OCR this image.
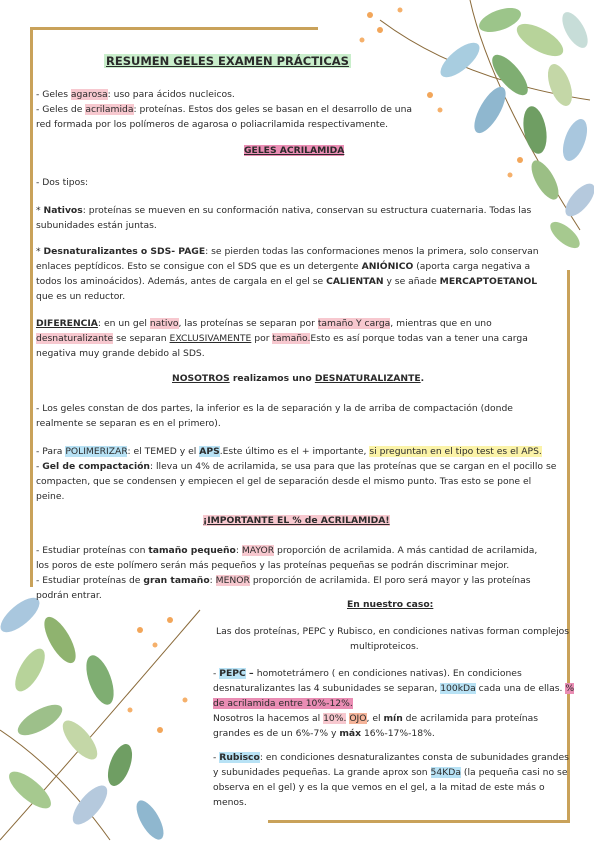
RESUMEN GELES EXAMEN PRÁCTICAS
- Geles agarosa: uso para ácidos nucleicos.
- Geles de acrilamida: proteínas. Estos dos geles se basan en el desarrollo de una
red formada por los polímeros de agarosa o poliacrilamida respectivamente.
GELES ACRILAMIDA
- Dos tipos:
* Nativos: proteínas se mueven en su conformación nativa, conservan su estructura cuaternaria. Todas las
subunidades están juntas.
* Desnaturalizantes o SDS- PAGE: se pierden todas las conformaciones menos la primera, solo conservan
enlaces peptídicos. Esto se consigue con el SDS que es un detergente ANIÓNICO (aporta carga negativa a
todos los aminoácidos). Además, antes de cargala en el gel se CALIENTAN y se añade MERCAPTOETANOL
que es un reductor.
DIFERENCIA: en un gel nativo, las proteínas se separan por tamaño Y carga, mientras que en uno
desnaturalizante se separan EXCLUSIVAMENTE por tamaño.Esto es así porque todas van a tener una carga
negativa muy grande debido al SDS.
NOSOTROS realizamos uno DESNATURALIZANTE.
- Los geles constan de dos partes, la inferior es la de separación y la de arriba de compactación (donde
realmente se separan es en el primero).
- Para POLIMERIZAR: el TEMED y el APS.Este último es el + importante, si preguntan en el tipo test es el APS.
- Gel de compactación: lleva un 4% de acrilamida, se usa para que las proteínas que se cargan en el pocillo se
compacten, que se condensen y empiecen el gel de separación desde el mismo punto. Tras esto se pone el
peine.
¡IMPORTANTE EL % de ACRILAMIDA!
- Estudiar proteínas con tamaño pequeño: MAYOR proporción de acrilamida. A más cantidad de acrilamida,
los poros de este polímero serán más pequeños y las proteínas pequeñas se podrán discriminar mejor.
- Estudiar proteínas de gran tamaño: MENOR proporción de acrilamida. El poro será mayor y las proteínas
podrán entrar.
En nuestro caso:
Las dos proteínas, PEPC y Rubisco, en condiciones nativas forman complejos
multiproteicos.
- PEPC – homotetrámero ( en condiciones nativas). En condiciones
desnaturalizantes las 4 subunidades se separan, 100kDa cada una de ellas. %
de acrilamida entre 10%-12%.
Nosotros la hacemos al 10%. OJO, el mín de acrilamida para proteínas
grandes es de un 6%-7% y máx 16%-17%-18%.
- Rubisco: en condiciones desnaturalizantes consta de subunidades grandes
y subunidades pequeñas. La grande aprox son 54KDa (la pequeña casi no se
observa en el gel) y es la que vemos en el gel, a la mitad de este más o
menos.
